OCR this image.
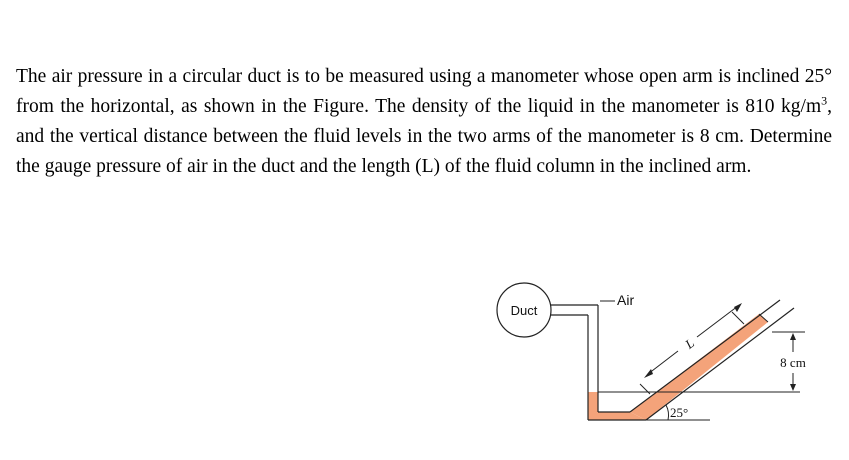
The air pressure in a circular duct is to be measured using a manometer whose open arm is inclined 25° from the horizontal, as shown in the Figure. The density of the liquid in the manometer is 810 $kg/m^3$, and the vertical distance between the fluid levels in the two arms of the manometer is 8 cm. Determine the gauge pressure of air in the duct and the length (L) of the fluid column in the inclined arm.

Duct
25°
Air
L
8 cm
